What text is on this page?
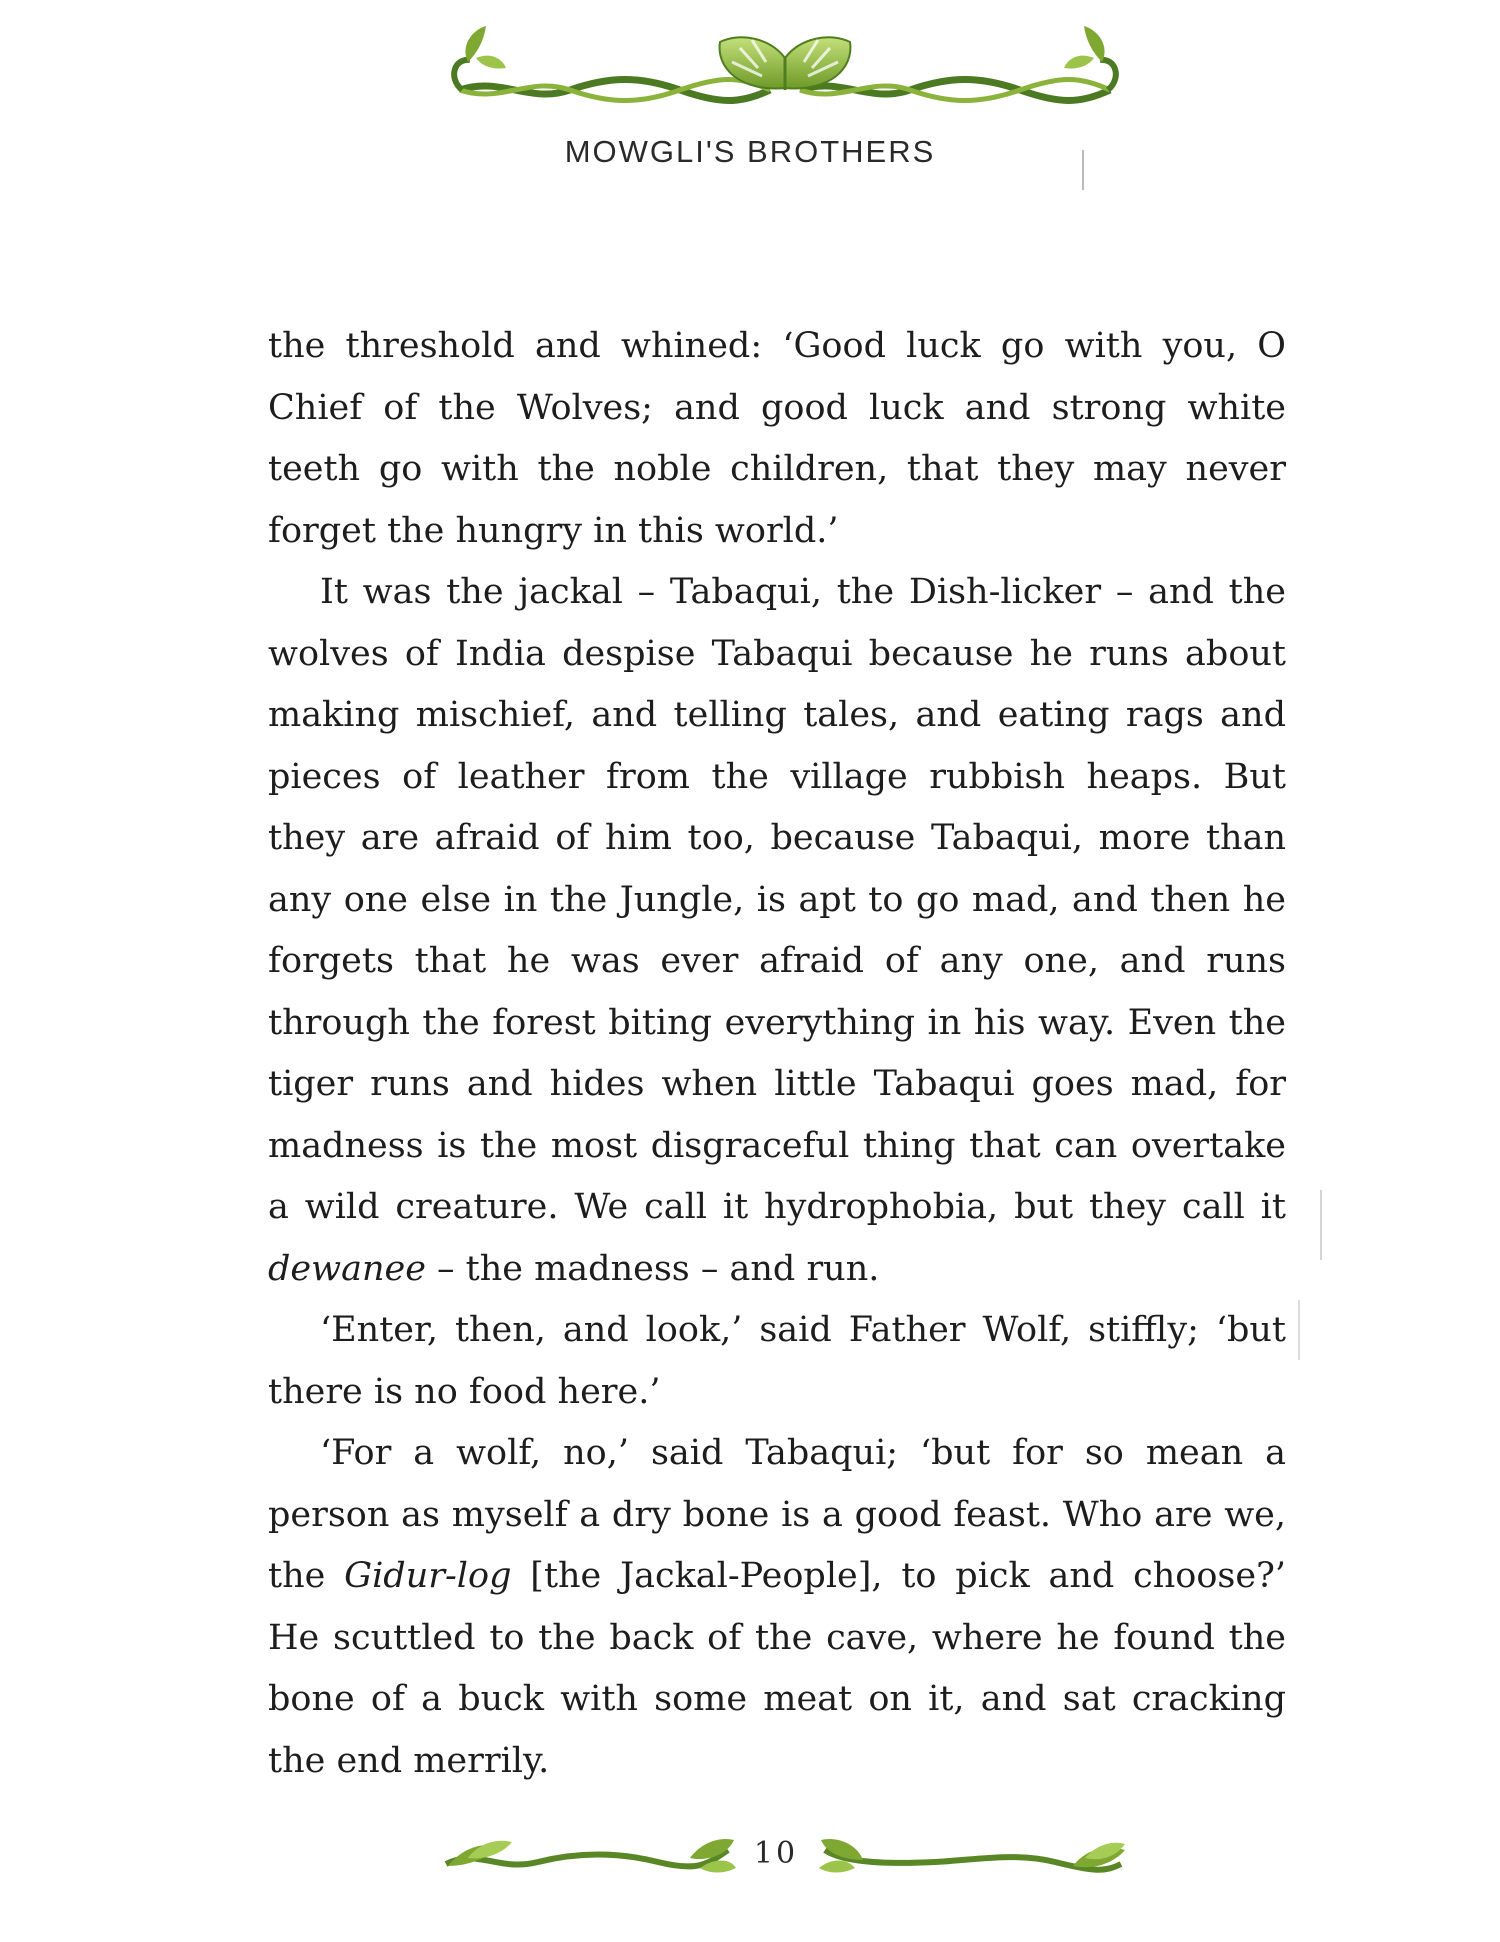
MOWGLI'S BROTHERS

the threshold and whined: ‘Good luck go with you, O Chief of the Wolves; and good luck and strong white teeth go with the noble children, that they may never forget the hungry in this world.’

It was the jackal – Tabaqui, the Dish-licker – and the wolves of India despise Tabaqui because he runs about making mischief, and telling tales, and eating rags and pieces of leather from the village rubbish heaps. But they are afraid of him too, because Tabaqui, more than any one else in the Jungle, is apt to go mad, and then he forgets that he was ever afraid of any one, and runs through the forest biting everything in his way. Even the tiger runs and hides when little Tabaqui goes mad, for madness is the most disgraceful thing that can overtake a wild creature. We call it hydrophobia, but they call it dewanee – the madness – and run.

‘Enter, then, and look,’ said Father Wolf, stiffly; ‘but there is no food here.’

‘For a wolf, no,’ said Tabaqui; ‘but for so mean a person as myself a dry bone is a good feast. Who are we, the Gidur-log [the Jackal-People], to pick and choose?’ He scuttled to the back of the cave, where he found the bone of a buck with some meat on it, and sat cracking the end merrily.

10
